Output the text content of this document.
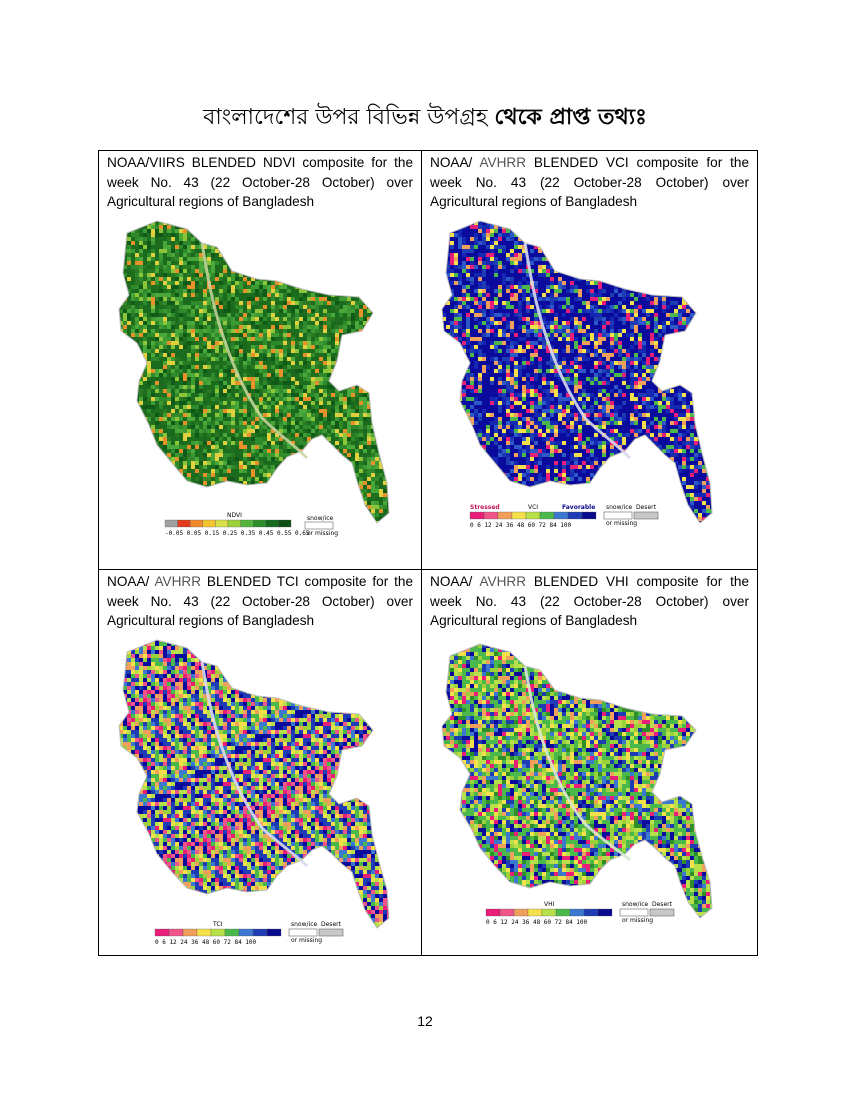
বাংলাদেশের উপর বিভিন্ন উপগ্রহ থেকে প্রাপ্ত তথ্যঃ
NOAA/VIIRS BLENDED NDVI composite for the
week No. 43 (22 October-28 October) over
Agricultural regions of Bangladesh
NDVI
-0.05 0.05 0.15 0.25 0.35 0.45 0.55 0.65
snow/ice
or missing
NOAA/ AVHRR BLENDED VCI composite for the
week No. 43 (22 October-28 October) over
Agricultural regions of Bangladesh
Stressed	VCI	Favorable
0 6 12 24 36 48 60 72 84 100
snow/ice Desert
or missing
NOAA/ AVHRR BLENDED TCI composite for the
week No. 43 (22 October-28 October) over
Agricultural regions of Bangladesh
TCI
0 6 12 24 36 48 60 72 84 100
snow/ice Desert
or missing
NOAA/ AVHRR BLENDED VHI composite for the
week No. 43 (22 October-28 October) over
Agricultural regions of Bangladesh
VHI
0 6 12 24 36 48 60 72 84 100
snow/ice Desert
or missing
12
